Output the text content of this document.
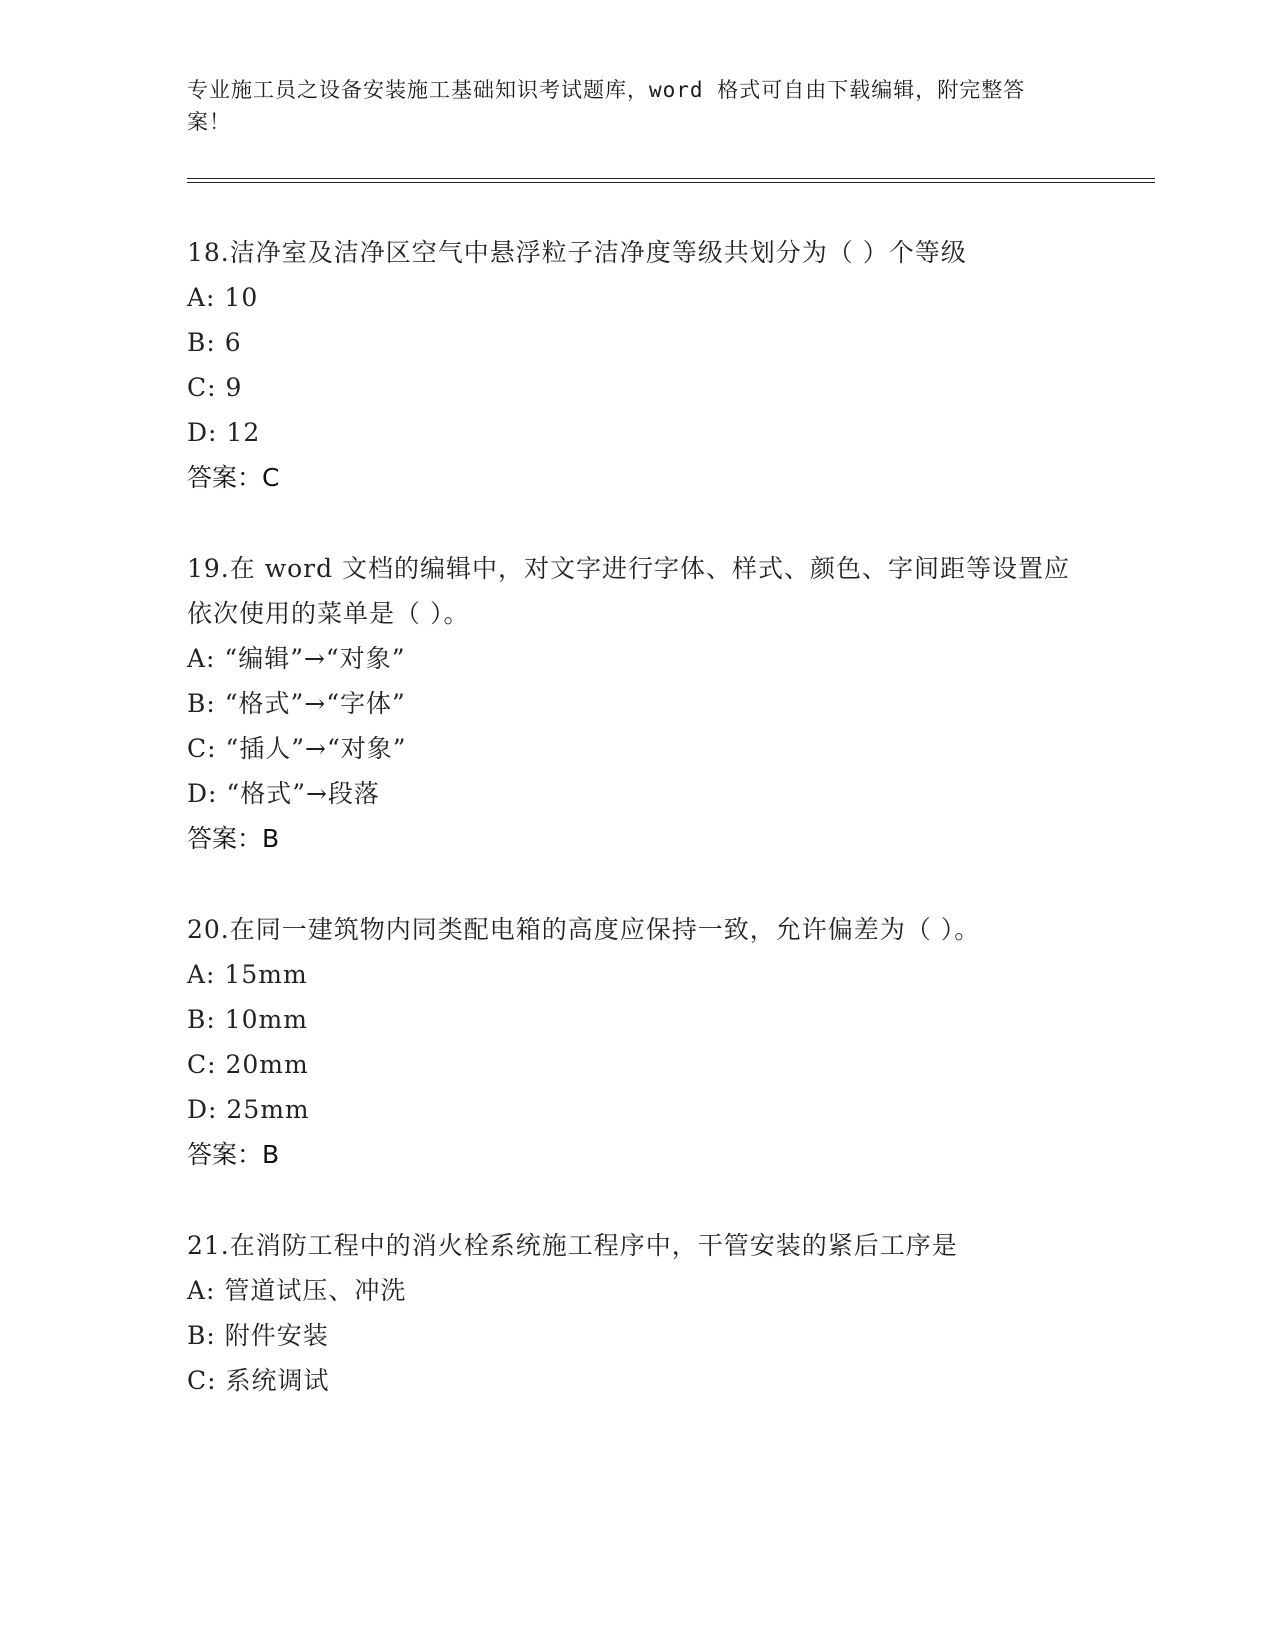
专业施工员之设备安装施工基础知识考试题库，word 格式可自由下载编辑，附完整答案！
18.洁净室及洁净区空气中悬浮粒子洁净度等级共划分为（ ）个等级
A: 10
B: 6
C: 9
D: 12
答案：C
19.在 word 文档的编辑中，对文字进行字体、样式、颜色、字间距等设置应依次使用的菜单是（ ）。
A: “编辑”→“对象”
B: “格式”→“字体”
C: “插人”→“对象”
D: “格式”→段落
答案：B
20.在同一建筑物内同类配电箱的高度应保持一致，允许偏差为（ ）。
A: 15mm
B: 10mm
C: 20mm
D: 25mm
答案：B
21.在消防工程中的消火栓系统施工程序中，干管安装的紧后工序是
A: 管道试压、冲洗
B: 附件安装
C: 系统调试
